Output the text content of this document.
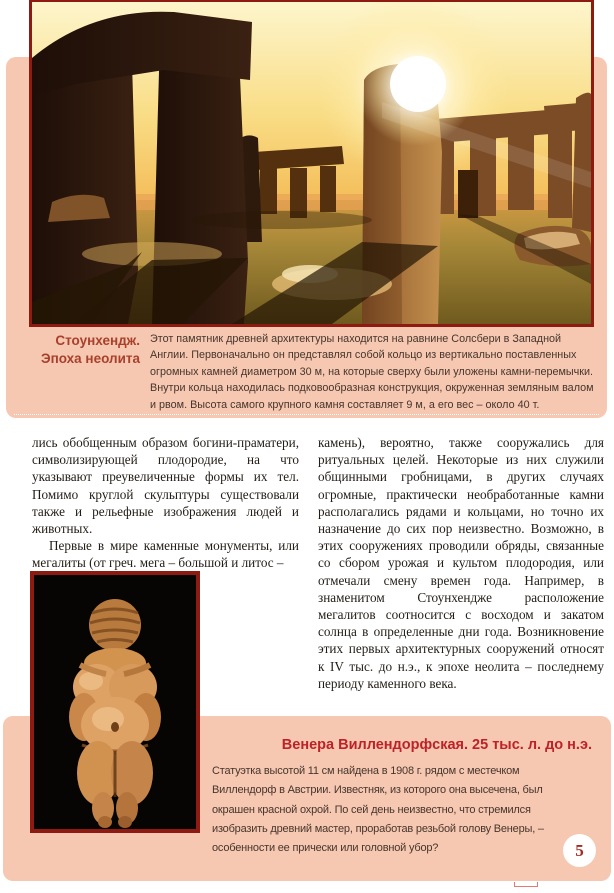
Стоунхендж.
Эпоха неолита
Этот памятник древней архитектуры находится на равнине Солсбери в Западной Англии. Первоначально он представлял собой кольцо из вертикально поставленных огромных камней диаметром 30 м, на которые сверху были уложены камни-перемычки. Внутри кольца находилась подковообразная конструкция, окруженная земляным валом и рвом. Высота самого крупного камня составляет 9 м, а его вес – около 40 т.

лись обобщенным образом богини-праматери, символизирующей плодородие, на что указывают преувеличенные формы их тел. Помимо круглой скульптуры существовали также и рельефные изображения людей и животных.

Первые в мире каменные монументы, или мегалиты (от греч. мега – большой и литос –

камень), вероятно, также сооружались для ритуальных целей. Некоторые из них служили общинными гробницами, в других случаях огромные, практически необработанные камни располагались рядами и кольцами, но точно их назначение до сих пор неизвестно. Возможно, в этих сооружениях проводили обряды, связанные со сбором урожая и культом плодородия, или отмечали смену времен года. Например, в знаменитом Стоунхендже расположение мегалитов соотносится с восходом и закатом солнца в определенные дни года. Возникновение этих первых архитектурных сооружений относят к IV тыс. до н.э., к эпохе неолита – последнему периоду каменного века.
Венера Виллендорфская. 25 тыс. л. до н.э.
Статуэтка высотой 11 см найдена в 1908 г. рядом с местечком Виллендорф в Австрии. Известняк, из которого она высечена, был окрашен красной охрой. По сей день неизвестно, что стремился изобразить древний мастер, проработав резьбой голову Венеры, – особенности ее прически или головной убор?	5
